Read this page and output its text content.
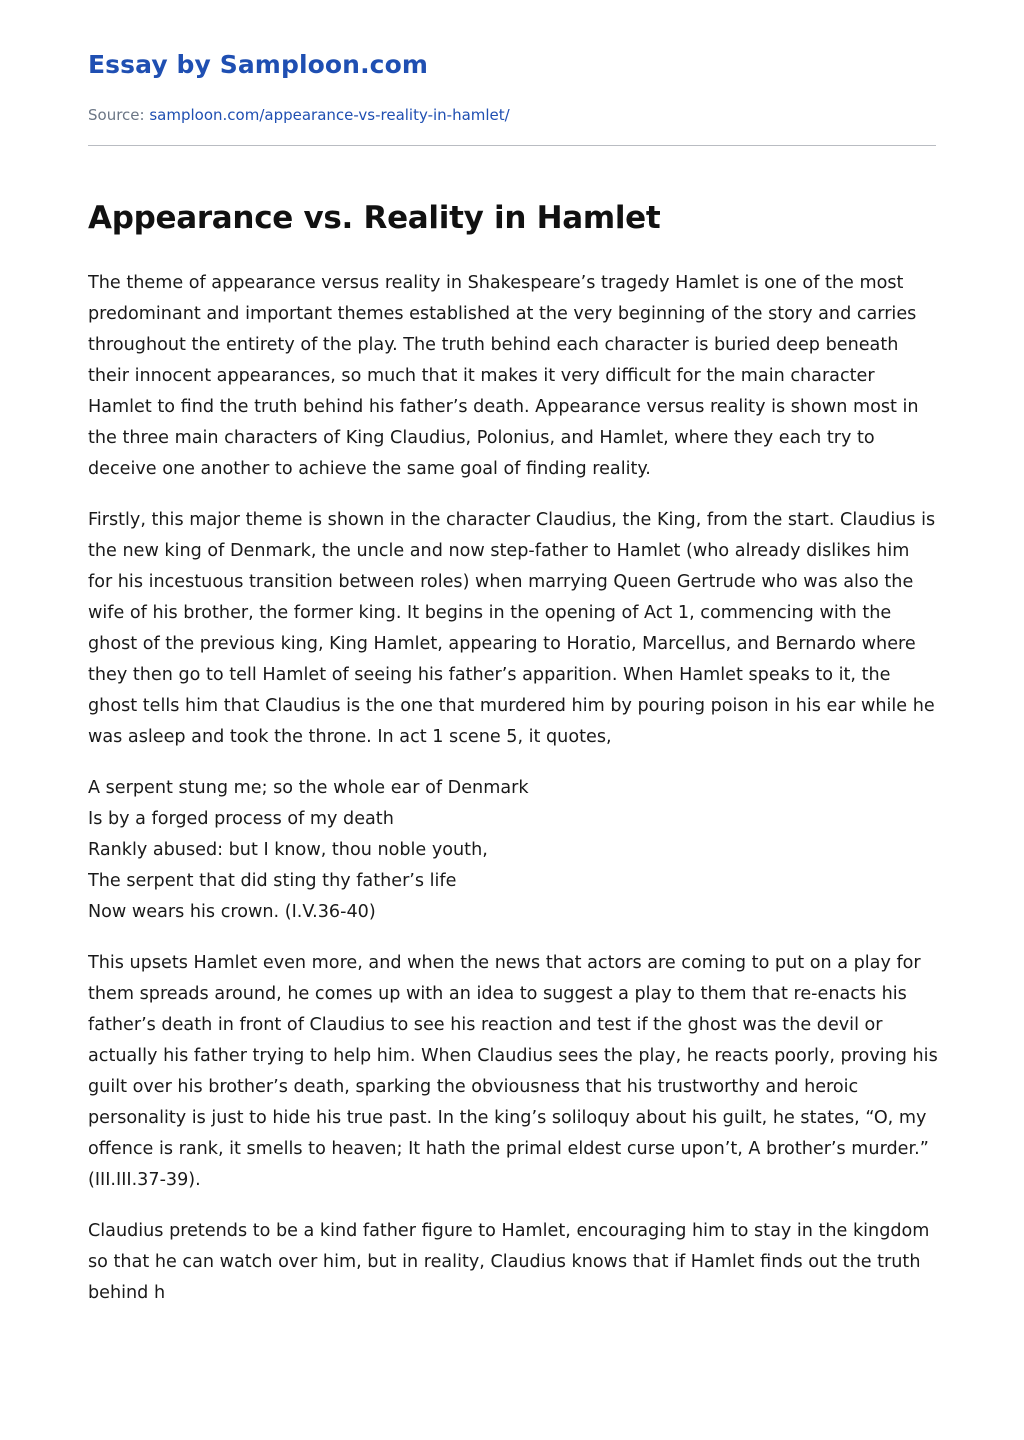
Essay by Samploon.com
Source: samploon.com/appearance-vs-reality-in-hamlet/
Appearance vs. Reality in Hamlet

The theme of appearance versus reality in Shakespeare’s tragedy Hamlet is one of the most predominant and important themes established at the very beginning of the story and carries throughout the entirety of the play. The truth behind each character is buried deep beneath their innocent appearances, so much that it makes it very difficult for the main character Hamlet to find the truth behind his father’s death. Appearance versus reality is shown most in the three main characters of King Claudius, Polonius, and Hamlet, where they each try to deceive one another to achieve the same goal of finding reality.

Firstly, this major theme is shown in the character Claudius, the King, from the start. Claudius is the new king of Denmark, the uncle and now step-father to Hamlet (who already dislikes him for his incestuous transition between roles) when marrying Queen Gertrude who was also the wife of his brother, the former king. It begins in the opening of Act 1, commencing with the ghost of the previous king, King Hamlet, appearing to Horatio, Marcellus, and Bernardo where they then go to tell Hamlet of seeing his father’s apparition. When Hamlet speaks to it, the ghost tells him that Claudius is the one that murdered him by pouring poison in his ear while he was asleep and took the throne. In act 1 scene 5, it quotes,

A serpent stung me; so the whole ear of Denmark
Is by a forged process of my death
Rankly abused: but I know, thou noble youth,
The serpent that did sting thy father’s life
Now wears his crown. (I.V.36-40)

This upsets Hamlet even more, and when the news that actors are coming to put on a play for them spreads around, he comes up with an idea to suggest a play to them that re-enacts his father’s death in front of Claudius to see his reaction and test if the ghost was the devil or actually his father trying to help him. When Claudius sees the play, he reacts poorly, proving his guilt over his brother’s death, sparking the obviousness that his trustworthy and heroic personality is just to hide his true past. In the king’s soliloquy about his guilt, he states, “O, my offence is rank, it smells to heaven; It hath the primal eldest curse upon’t, A brother’s murder.” (III.III.37-39).

Claudius pretends to be a kind father figure to Hamlet, encouraging him to stay in the kingdom so that he can watch over him, but in reality, Claudius knows that if Hamlet finds out the truth behind h
